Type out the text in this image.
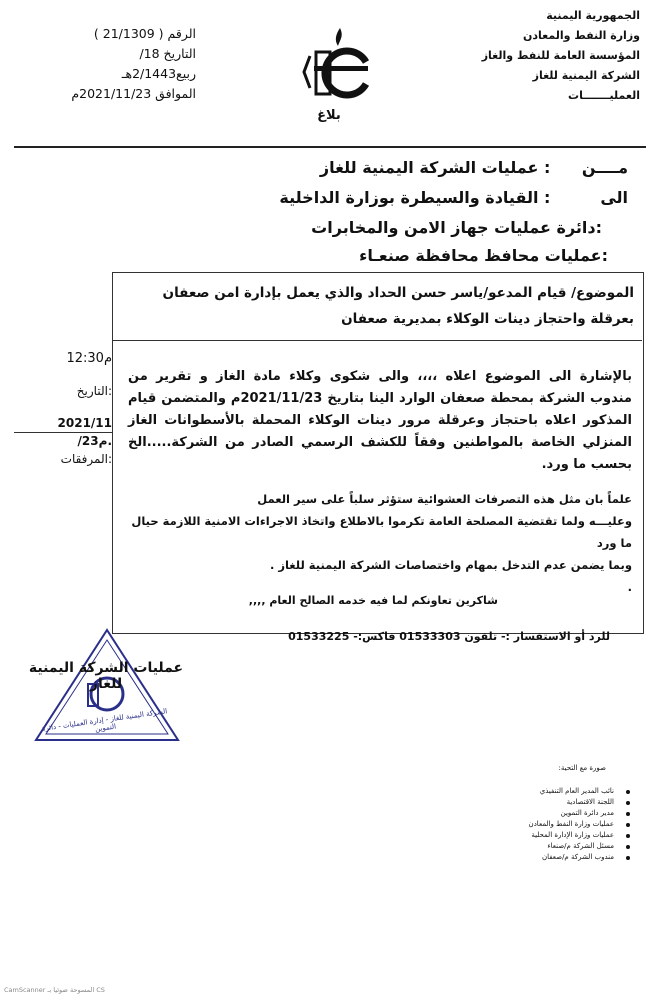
الجمهورية اليمنية
وزارة النفط والمعادن
المؤسسة العامة للنفط والغاز
الشركة اليمنية للغاز
العمليـــــــات
الرقم ( 21/1309 )
التاريخ 18/ربيع2/1443هـ
الموافق 2021/11/23م
بلاغ
مــــن : عمليات الشركة اليمنية للغاز
الى : القيادة والسيطرة بوزارة الداخلية
:دائرة عمليات جهاز الامن والمخابرات
:عمليات محافظ محافظة صنعـاء
الموضوع/ قيام المدعو/ياسر حسن الحداد والذي يعمل بإدارة امن صعفان بعرقلة واحتجاز دينات الوكلاء بمديرية صعفان
12:30م
التاريخ:
2021/11 /23م.
المرفقات:
بالإشارة الى الموضوع اعلاه ،،،، والى شكوى وكلاء مادة الغاز و تقرير من مندوب الشركة بمحطة صعفان الوارد الينا بتاريخ 2021/11/23م والمتضمن قيام المذكور اعلاه باحتجاز وعرقلة مرور دينات الوكلاء المحملة بالأسطوانات الغاز المنزلي الخاصة بالمواطنين وفقاً للكشف الرسمي الصادر من الشركة.....الخ بحسب ما ورد.
علماً بان مثل هذه التصرفات العشوائية ستؤثر سلباً على سير العمل
وعليـــه ولما تقتضية المصلحة العامة تكرموا بالاطلاع واتخاذ الاجراءات الامنية اللازمة حيال ما ورد
وبما يضمن عدم التدخل بمهام واختصاصات الشركة اليمنية للغاز .
.
شاكرين تعاونكم لما فيه خدمه الصالح العام ,,,,
للرد أو الاستفسار :- تلفون 01533303 فاكس:- 01533225
عمليات الشركة اليمنية للغاز
الشركة اليمنية للغاز - إدارة العمليات - دائرة التموين
صورة مع التحية:
نائب المدير العام التنفيذي
اللجنة الاقتصادية
مدير دائرة التموين
عمليات وزارة النفط والمعادن
عمليات وزارة الإدارة المحلية
مسئل الشركة م/صنعاء
مندوب الشركة م/صعفان
CamScanner المسوحة ضوئيا بـ CS
